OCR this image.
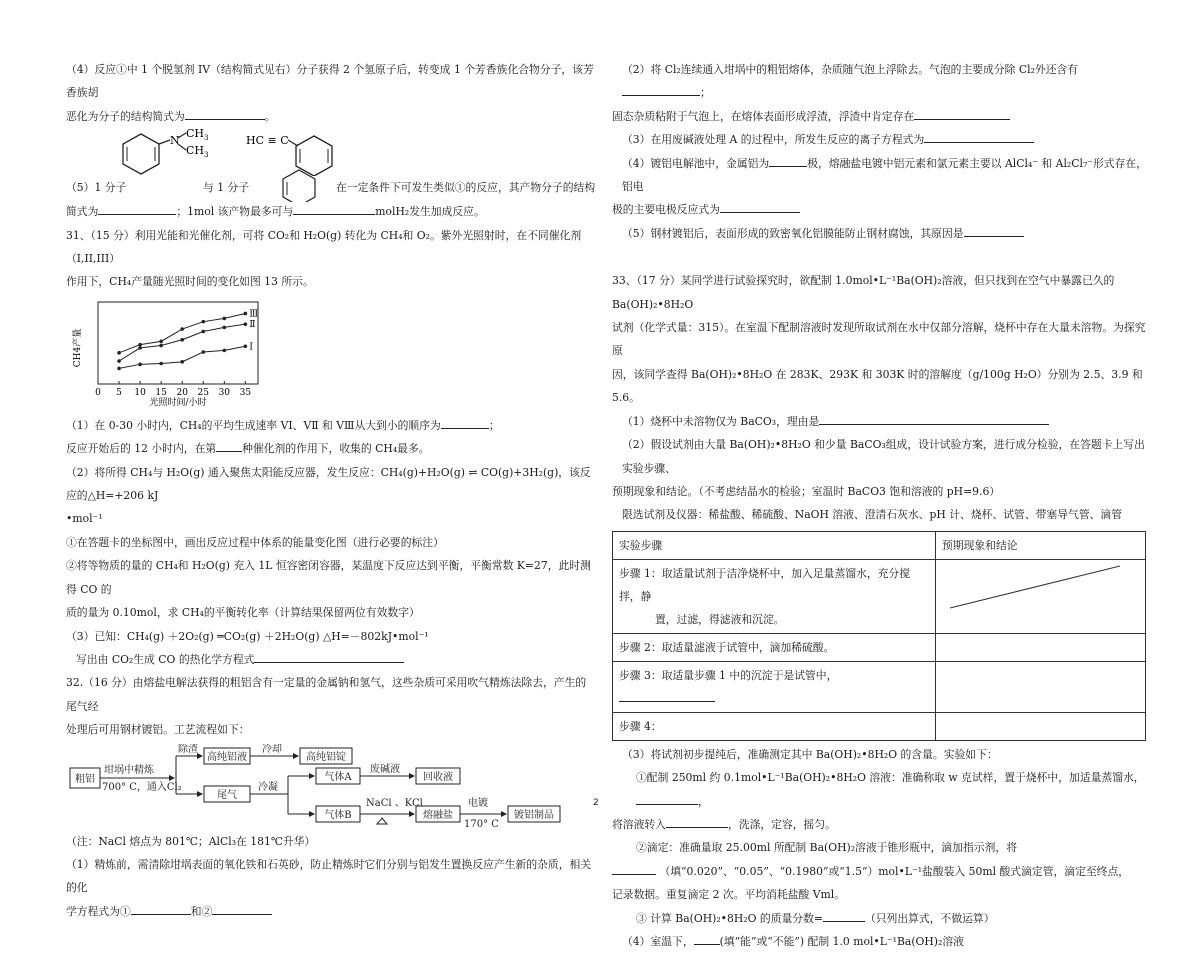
（4）反应①中 1 个脱氢剂 IV（结构简式见右）分子获得 2 个氢原子后，转变成 1 个芳香族化合物分子，该芳香族胡

恶化为分子的结构简式为	。

N
$CH_3$
$CH_3$
HC ≡ C
（5）1 分子	与 1 分子	在一定条件下可发生类似①的反应，其产物分子的结构

简式为	；1mol 该产物最多可与	molH₂发生加成反应。

31、（15 分）利用光能和光催化剂，可将 CO₂和 H₂O(g) 转化为 CH₄和 O₂。紫外光照射时，在不同催化剂（I,II,III）

作用下，CH₄产量随光照时间的变化如图 13 所示。

CH4产量
光照时间/小时
0 5 10 15 20 25 30 35
Ⅲ
Ⅱ
Ⅰ

（1）在 0-30 小时内，CH₄的平均生成速率 VⅠ、VⅡ 和 VⅢ从大到小的顺序为	；

反应开始后的 12 小时内，在第 种催化剂的作用下，收集的 CH₄最多。

（2）将所得 CH₄与 H₂O(g) 通入聚焦太阳能反应器，发生反应：CH₄(g)+H₂O(g) ⇌ CO(g)+3H₂(g)，该反应的△H=+206 kJ

•mol⁻¹

①在答题卡的坐标图中，画出反应过程中体系的能量变化图（进行必要的标注）

②将等物质的量的 CH₄和 H₂O(g) 充入 1L 恒容密闭容器，某温度下反应达到平衡，平衡常数 K=27，此时测得 CO 的

质的量为 0.10mol，求 CH₄的平衡转化率（计算结果保留两位有效数字）

（3）已知：CH₄(g) ＋2O₂(g) ═CO₂(g) ＋2H₂O(g) △H=－802kJ•mol⁻¹

写出由 CO₂生成 CO 的热化学方程式

32.（16 分）由熔盐电解法获得的粗铝含有一定量的金属钠和氢气，这些杂质可采用吹气精炼法除去，产生的尾气经

处理后可用钢材镀铝。工艺流程如下：

粗铝
坩埚中精炼
700° C，通入Cl₂
除渣
高纯铝液
冷却
高纯铝锭
尾气
冷凝
气体A
废碱液
回收液
气体B
NaCl 、KCl
熔融盐
电镀
170° C
镀铝制品

（注：NaCl 熔点为 801℃；AlCl₃在 181℃升华）

（1）精炼前，需清除坩埚表面的氧化铁和石英砂，防止精炼时它们分别与铝发生置换反应产生新的杂质，相关的化

学方程式为①	和②

（2）将 Cl₂连续通入坩埚中的粗铝熔体，杂质随气泡上浮除去。气泡的主要成分除 Cl₂外还含有；

固态杂质粘附于气泡上，在熔体表面形成浮渣，浮渣中肯定存在

（3）在用废碱液处理 A 的过程中，所发生反应的离子方程式为

（4）镀铝电解池中，金属铝为	极，熔融盐电镀中铝元素和氯元素主要以 AlCl₄⁻ 和 Al₂Cl₇⁻形式存在，铝电

极的主要电极反应式为

（5）钢材镀铝后，表面形成的致密氧化铝膜能防止钢材腐蚀，其原因是

33、（17 分）某同学进行试验探究时，欲配制 1.0mol•L⁻¹Ba(OH)₂溶液，但只找到在空气中暴露已久的 Ba(OH)₂•8H₂O

试剂（化学式量：315）。在室温下配制溶液时发现所取试剂在水中仅部分溶解，烧杯中存在大量未溶物。为探究原

因，该同学查得 Ba(OH)₂•8H₂O 在 283K、293K 和 303K 时的溶解度（g/100g H₂O）分别为 2.5、3.9 和 5.6。

（1）烧杯中未溶物仅为 BaCO₃，理由是

（2）假设试剂由大量 Ba(OH)₂•8H₂O 和少量 BaCO₃组成，设计试验方案，进行成分检验，在答题卡上写出实验步骤、

预期现象和结论。（不考虑结晶水的检验；室温时 BaCO3 饱和溶液的 pH=9.6）

限选试剂及仪器：稀盐酸、稀硫酸、NaOH 溶液、澄清石灰水、pH 计、烧杯、试管、带塞导气管、滴管

实验步骤	预期现象和结论
步骤 1：取适量试剂于洁净烧杯中，加入足量蒸馏水，充分搅拌，静
置，过滤，得滤液和沉淀。	
步骤 2：取适量滤液于试管中，滴加稀硫酸。	
步骤 3：取适量步骤 1 中的沉淀于是试管中，	
步骤 4：	

（3）将试剂初步提纯后，准确测定其中 Ba(OH)₂•8H₂O 的含量。实验如下：

①配制 250ml 约 0.1mol•L⁻¹Ba(OH)₂•8H₂O 溶液：准确称取 w 克试样，置于烧杯中，加适量蒸馏水，，

将溶液转入	，洗涤，定容，摇匀。

②滴定：准确量取 25.00ml 所配制 Ba(OH)₂溶液于锥形瓶中，滴加指示剂，将

（填“0.020”、“0.05”、“0.1980”或“1.5”）mol•L⁻¹盐酸装入 50ml 酸式滴定管，滴定至终点，

记录数据。重复滴定 2 次。平均消耗盐酸 Vml。

③ 计算 Ba(OH)₂•8H₂O 的质量分数=	（只列出算式，不做运算）

（4）室温下， (填“能”或“不能”) 配制 1.0 mol•L⁻¹Ba(OH)₂溶液

2
